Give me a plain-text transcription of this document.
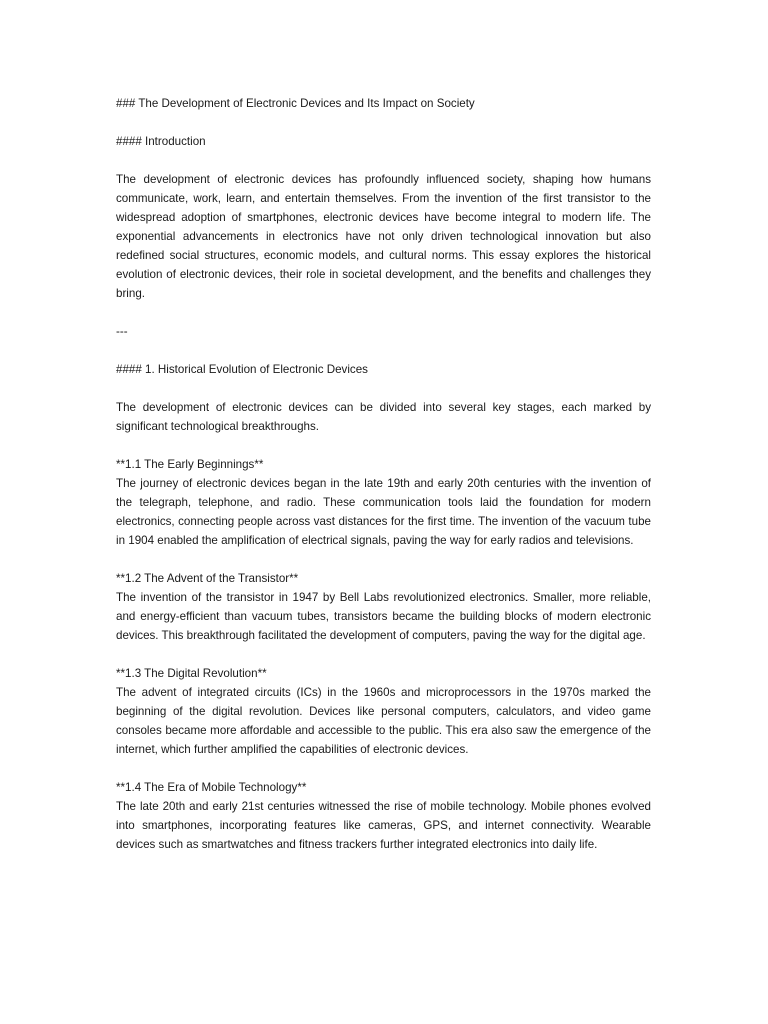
### The Development of Electronic Devices and Its Impact on Society

#### Introduction

The development of electronic devices has profoundly influenced society, shaping how humans communicate, work, learn, and entertain themselves. From the invention of the first transistor to the widespread adoption of smartphones, electronic devices have become integral to modern life. The exponential advancements in electronics have not only driven technological innovation but also redefined social structures, economic models, and cultural norms. This essay explores the historical evolution of electronic devices, their role in societal development, and the benefits and challenges they bring.

---

#### 1. Historical Evolution of Electronic Devices

The development of electronic devices can be divided into several key stages, each marked by significant technological breakthroughs.

**1.1 The Early Beginnings**

The journey of electronic devices began in the late 19th and early 20th centuries with the invention of the telegraph, telephone, and radio. These communication tools laid the foundation for modern electronics, connecting people across vast distances for the first time. The invention of the vacuum tube in 1904 enabled the amplification of electrical signals, paving the way for early radios and televisions.

**1.2 The Advent of the Transistor**

The invention of the transistor in 1947 by Bell Labs revolutionized electronics. Smaller, more reliable, and energy-efficient than vacuum tubes, transistors became the building blocks of modern electronic devices. This breakthrough facilitated the development of computers, paving the way for the digital age.

**1.3 The Digital Revolution**

The advent of integrated circuits (ICs) in the 1960s and microprocessors in the 1970s marked the beginning of the digital revolution. Devices like personal computers, calculators, and video game consoles became more affordable and accessible to the public. This era also saw the emergence of the internet, which further amplified the capabilities of electronic devices.

**1.4 The Era of Mobile Technology**

The late 20th and early 21st centuries witnessed the rise of mobile technology. Mobile phones evolved into smartphones, incorporating features like cameras, GPS, and internet connectivity. Wearable devices such as smartwatches and fitness trackers further integrated electronics into daily life.
